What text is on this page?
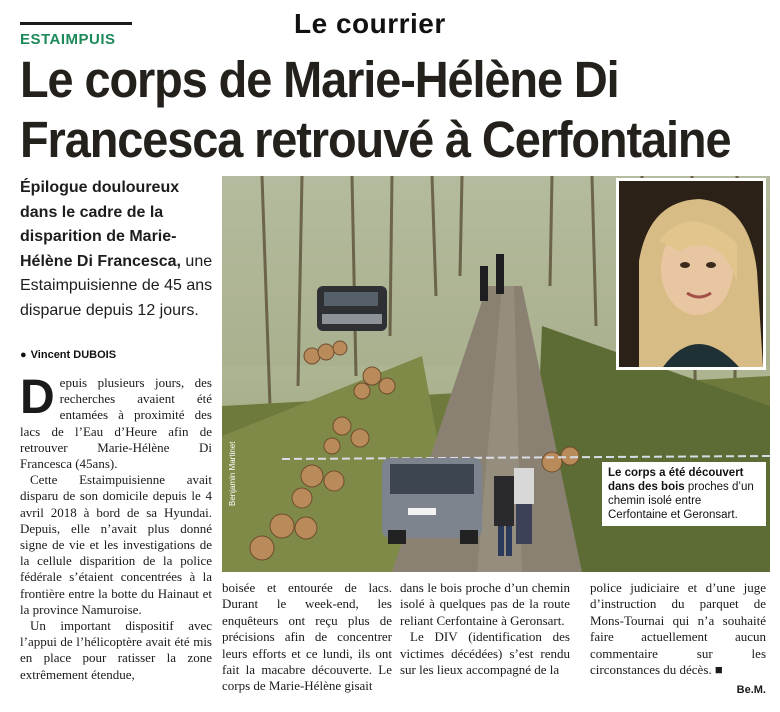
ESTAIMPUIS
Le courrier
Le corps de Marie-Hélène Di
Francesca retrouvé à Cerfontaine
Épilogue douloureux dans le cadre de la disparition de Marie-Hélène Di Francesca, une Estaimpuisienne de 45 ans disparue depuis 12 jours.
● Vincent DUBOIS

Depuis plusieurs jours, des recherches avaient été entamées à proximité des lacs de l’Eau d’Heure afin de retrouver Marie-Hélène Di Francesca (45ans).

Cette Estaimpuisienne avait disparu de son domicile depuis le 4 avril 2018 à bord de sa Hyundai. Depuis, elle n’avait plus donné signe de vie et les investigations de la cellule disparition de la police fédérale s’étaient concentrées à la frontière entre la botte du Hainaut et la province Namuroise.

Un important dispositif avec l’appui de l’hélicoptère avait été mis en place pour ratisser la zone extrêmement étendue,

Benjamin Martinet	Le corps a été découvert dans des bois proches d’un chemin isolé entre Cerfontaine et Geronsart.

boisée et entourée de lacs. Durant le week-end, les enquêteurs ont reçu plus de précisions afin de concentrer leurs efforts et ce lundi, ils ont fait la macabre découverte. Le corps de Marie-Hélène gisait

dans le bois proche d’un chemin isolé à quelques pas de la route reliant Cerfontaine à Geronsart.

Le DIV (identification des victimes décédées) s’est rendu sur les lieux accompagné de la

police judiciaire et d’une juge d’instruction du parquet de Mons-Tournai qui n’a souhaité faire actuellement aucun commentaire sur les circonstances du décès. ■

Be.M.
